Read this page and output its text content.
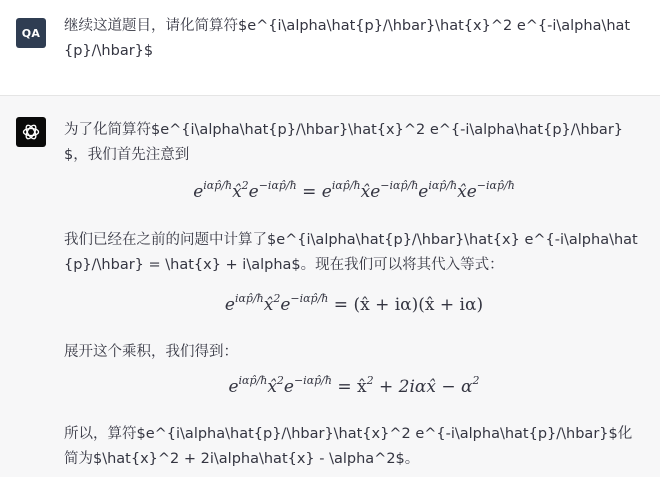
QA	继续这道题目，请化简算符$e^{i\alpha\hat{p}/\hbar}\hat{x}^2 e^{-i\alpha\hat{p}/\hbar}$
为了化简算符$e^{i\alpha\hat{p}/\hbar}\hat{x}^2 e^{-i\alpha\hat{p}/\hbar}$，我们首先注意到
$e^{i\alpha p̂/ħ}x̂^2e^{-i\alpha p̂/ħ}$ = $e^{i\alpha p̂/ħ}x̂e^{-i\alpha p̂/ħ}e^{i\alpha p̂/ħ}x̂e^{-i\alpha p̂/ħ}$
我们已经在之前的问题中计算了$e^{i\alpha\hat{p}/\hbar}\hat{x} e^{-i\alpha\hat{p}/\hbar} = \hat{x} + i\alpha$。现在我们可以将其代入等式：
$e^{i\alpha p̂/ħ}x̂^2e^{-i\alpha p̂/ħ}$ = (x̂ + iα)(x̂ + iα)
展开这个乘积，我们得到：
$e^{i\alpha p̂/ħ}x̂^2e^{-i\alpha p̂/ħ}$ = x̂$^2$ + 2iαx̂ − $\alpha^2$
所以，算符$e^{i\alpha\hat{p}/\hbar}\hat{x}^2 e^{-i\alpha\hat{p}/\hbar}$化简为$\hat{x}^2 + 2i\alpha\hat{x} - \alpha^2$。
